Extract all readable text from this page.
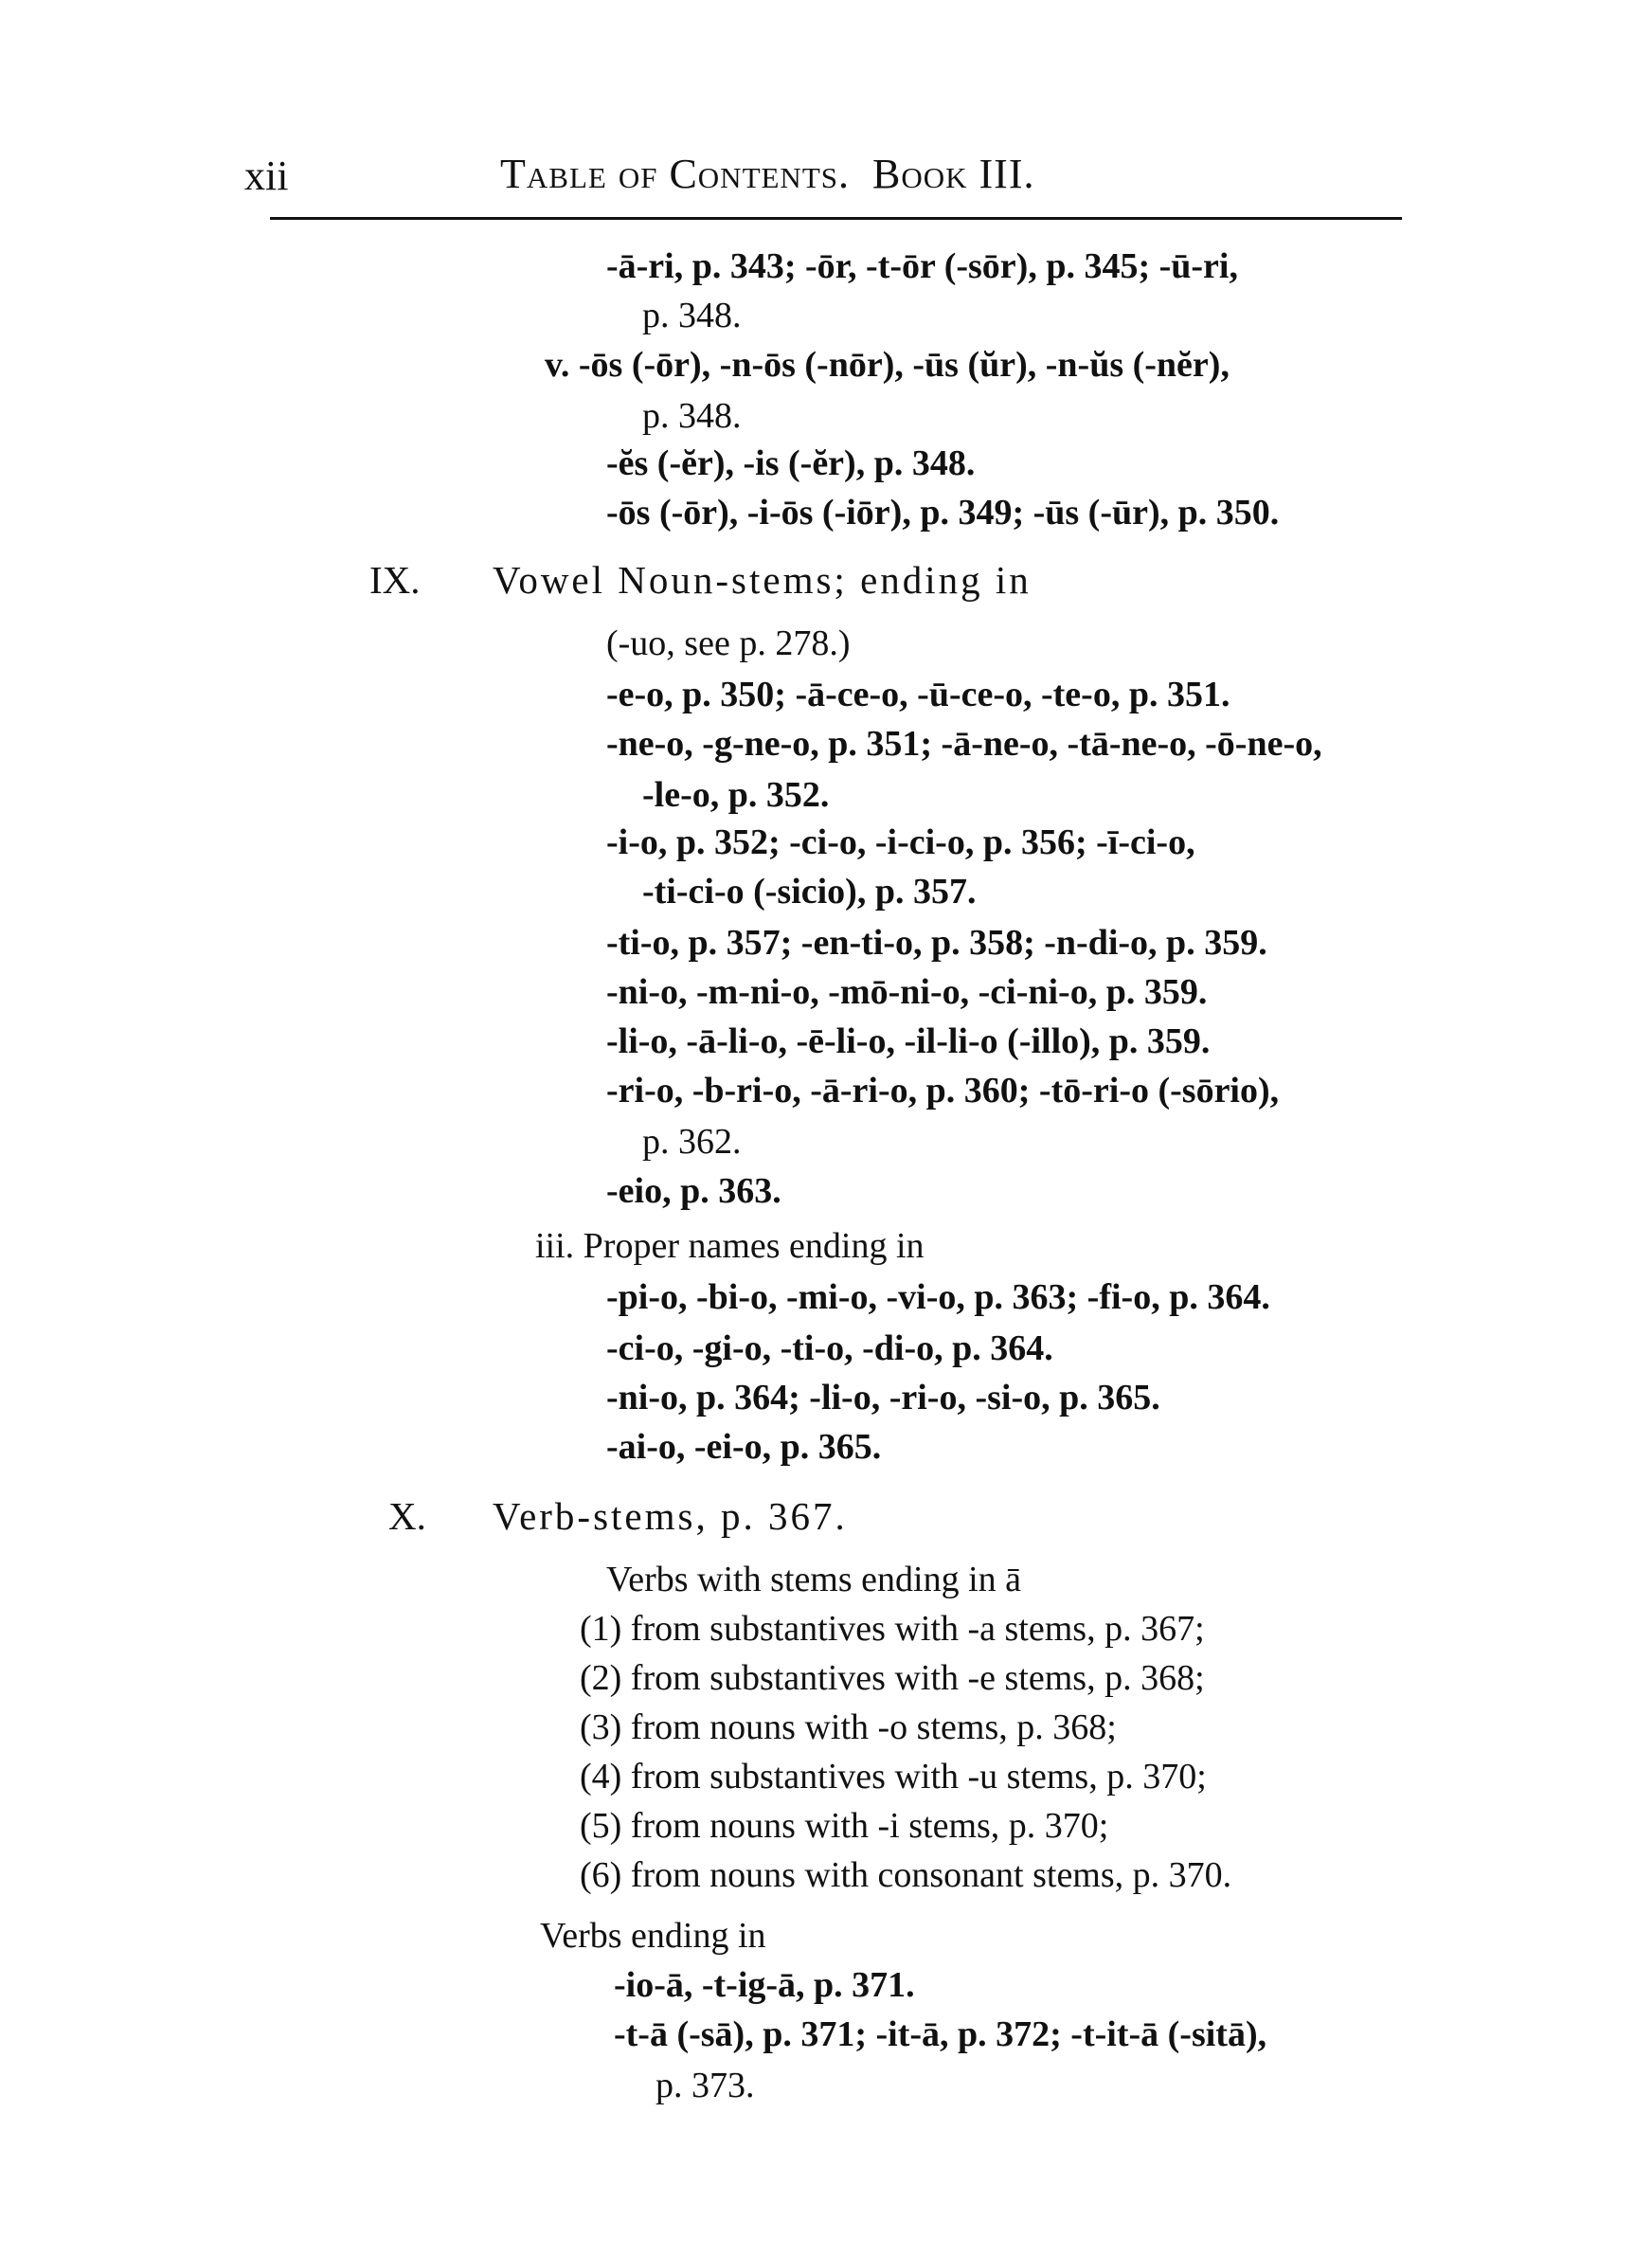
xii	Table of Contents. Book III.
-ā-ri, p. 343; -ōr, -t-ōr (-sōr), p. 345; -ū-ri,
p. 348.
v. -ōs (-ōr), -n-ōs (-nōr), -ūs (ŭr), -n-ŭs (-nĕr),
p. 348.
-ĕs (-ĕr), -is (-ĕr), p. 348.
-ōs (-ōr), -i-ōs (-iōr), p. 349; -ūs (-ūr), p. 350.
IX. Vowel Noun-stems; ending in
(-uo, see p. 278.)
-e-o, p. 350; -ā-ce-o, -ū-ce-o, -te-o, p. 351.
-ne-o, -g-ne-o, p. 351; -ā-ne-o, -tā-ne-o, -ō-ne-o,
-le-o, p. 352.
-i-o, p. 352; -ci-o, -i-ci-o, p. 356; -ī-ci-o,
-ti-ci-o (-sicio), p. 357.
-ti-o, p. 357; -en-ti-o, p. 358; -n-di-o, p. 359.
-ni-o, -m-ni-o, -mō-ni-o, -ci-ni-o, p. 359.
-li-o, -ā-li-o, -ē-li-o, -il-li-o (-illo), p. 359.
-ri-o, -b-ri-o, -ā-ri-o, p. 360; -tō-ri-o (-sōrio),
p. 362.
-eio, p. 363.
iii. Proper names ending in
-pi-o, -bi-o, -mi-o, -vi-o, p. 363; -fi-o, p. 364.
-ci-o, -gi-o, -ti-o, -di-o, p. 364.
-ni-o, p. 364; -li-o, -ri-o, -si-o, p. 365.
-ai-o, -ei-o, p. 365.
X. Verb-stems, p. 367.
Verbs with stems ending in ā
(1) from substantives with -a stems, p. 367;
(2) from substantives with -e stems, p. 368;
(3) from nouns with -o stems, p. 368;
(4) from substantives with -u stems, p. 370;
(5) from nouns with -i stems, p. 370;
(6) from nouns with consonant stems, p. 370.
Verbs ending in
-io-ā, -t-ig-ā, p. 371.
-t-ā (-sā), p. 371; -it-ā, p. 372; -t-it-ā (-sitā),
p. 373.
